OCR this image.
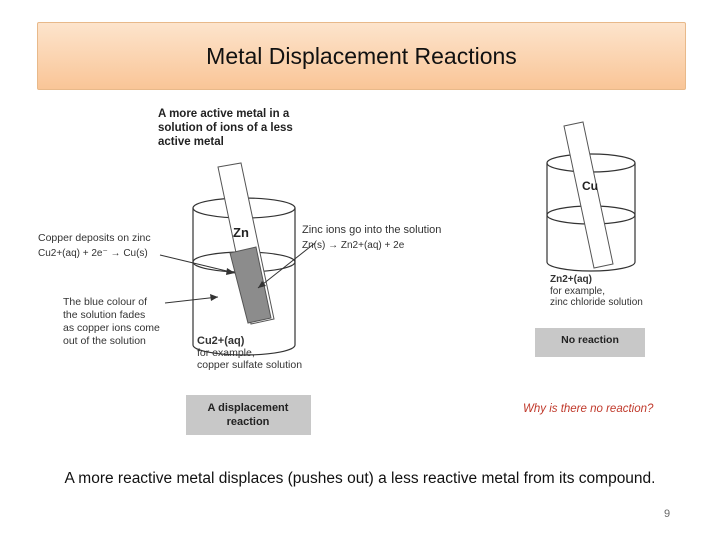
Metal Displacement Reactions
A more active metal in a
solution of ions of a less
active metal
Zn	Zinc ions go into the solution
Zn(s) → Zn2+(aq) + 2e
Copper deposits on zinc
Cu2+(aq) + 2e⁻ → Cu(s)
The blue colour of
the solution fades
as copper ions come
out of the solution	Cu2+(aq)
for example,
copper sulfate solution
A displacement
reaction
Cu
Zn2+(aq)
for example,
zinc chloride solution
No reaction
Why is there no reaction?
A more reactive metal displaces (pushes out) a less reactive metal from its compound.
9
